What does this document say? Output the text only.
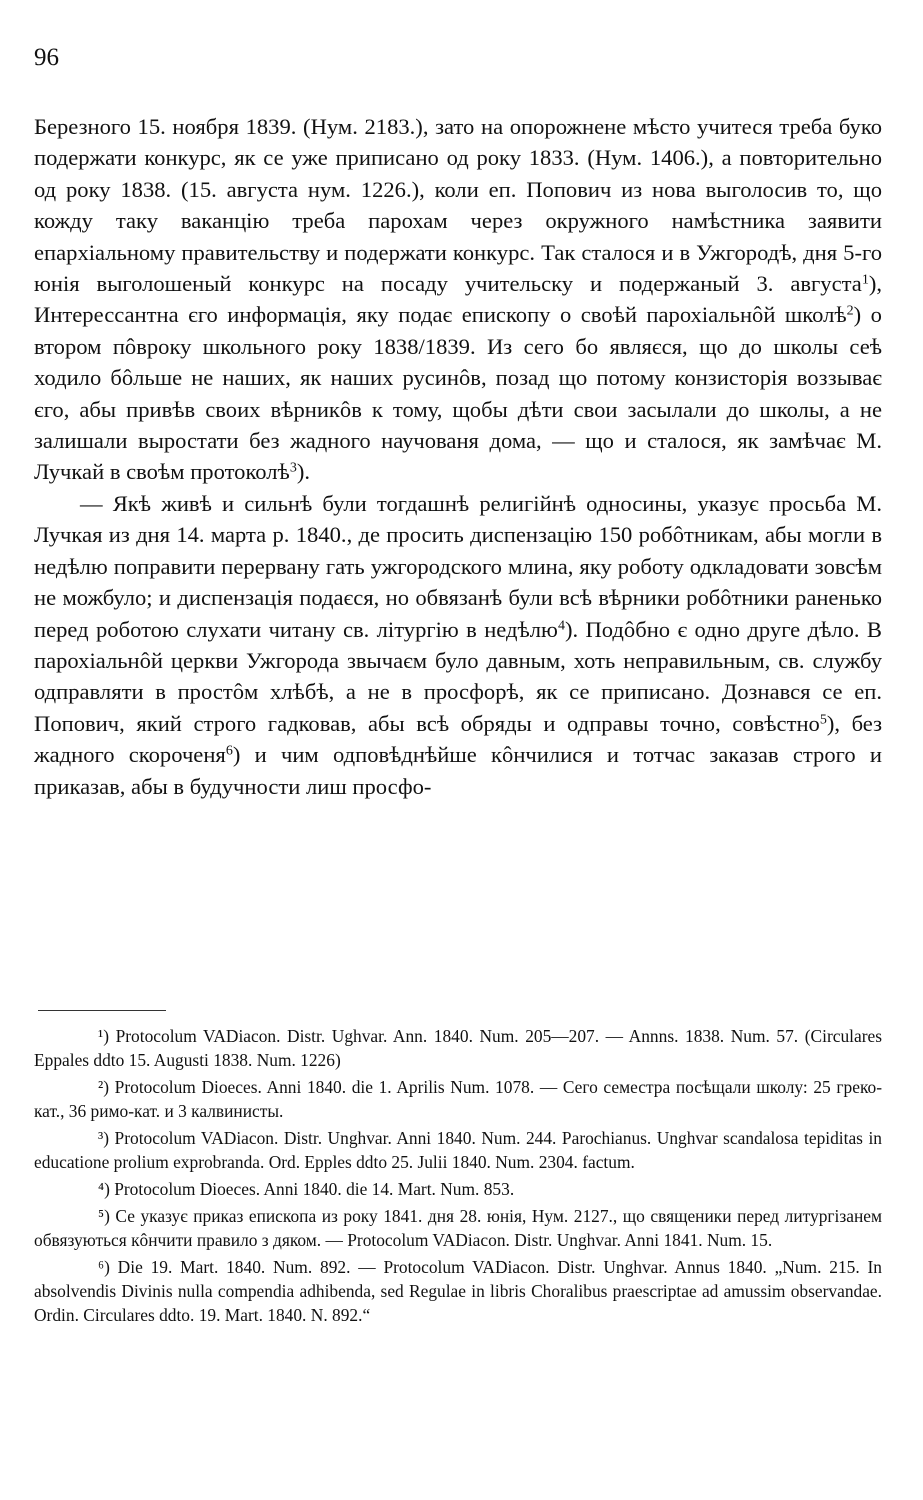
96

Березного 15. ноября 1839. (Нум. 2183.), зато на опорожнене мѣсто учитеся треба буко подержати конкурс, як се уже приписано од року 1833. (Нум. 1406.), а повторительно од року 1838. (15. августа нум. 1226.), коли еп. Попович из нова выголосив то, що кожду таку ваканцію треба парохам через окружного намѣстника заявити епархіальному правительству и подержати конкурс. Так сталося и в Ужгородѣ, дня 5-го юнія выголошеный конкурс на посаду учительску и подержаный 3. августа$^1$), Интерессантна єго информація, яку подає епископу о своѣй парохіальнôй школѣ$^2$) о втором пôвроку школьного року 1838/1839. Из сего бо являєся, що до школы сеѣ ходило бôльше не наших, як наших русинôв, позад що потому конзисторія воззыває єго, абы привѣв своих вѣрникôв к тому, щобы дѣти свои засылали до школы, а не залишали выростати без жадного научованя дома, — що и сталося, як замѣчає М. Лучкай в своѣм протоколѣ$^3$).

— Якѣ живѣ и сильнѣ були тогдашнѣ религійнѣ односины, указує просьба М. Лучкая из дня 14. марта р. 1840., де просить диспензацію 150 робôтникам, абы могли в недѣлю поправити перервану гать ужгородского млина, яку роботу одкладовати зовсѣм не можбуло; и диспензація подаєся, но обвязанѣ були всѣ вѣрники робôтники раненько перед роботою слухати читану св. літургію в недѣлю$^4$). Подôбно є одно друге дѣло. В парохіальнôй церкви Ужгорода звычаєм було давным, хоть неправильным, св. службу одправляти в простôм хлѣбѣ, а не в просфорѣ, як се приписано. Дознався се еп. Попович, який строго гадковав, абы всѣ обряды и одправы точно, совѣстно$^5$), без жадного скороченя$^6$) и чим одповѣднѣйше кôнчилися и тотчас заказав строго и приказав, абы в будучности лиш просфо-

¹) Protocolum VADiacon. Distr. Ughvar. Ann. 1840. Num. 205—207. — Annns. 1838. Num. 57. (Circulares Eppales ddto 15. Augusti 1838. Num. 1226)

²) Protocolum Dioeces. Anni 1840. die 1. Aprilis Num. 1078. — Сего семестра посѣщали школу: 25 греко-кат., 36 римо-кат. и 3 калвинисты.

³) Protocolum VADiacon. Distr. Unghvar. Anni 1840. Num. 244. Parochianus. Unghvar scandalosa tepiditas in educatione prolium exprobranda. Ord. Epples ddto 25. Julii 1840. Num. 2304. factum.

⁴) Protocolum Dioeces. Anni 1840. die 14. Mart. Num. 853.

⁵) Се указує приказ епископа из року 1841. дня 28. юнія, Нум. 2127., що священики перед литургізанем обвязуються кôнчити правило з дяком. — Protocolum VADiacon. Distr. Unghvar. Anni 1841. Num. 15.

⁶) Die 19. Mart. 1840. Num. 892. — Protocolum VADiacon. Distr. Unghvar. Annus 1840. „Num. 215. In absolvendis Divinis nulla compendia adhibenda, sed Regulae in libris Choralibus praescriptae ad amussim observandae. Ordin. Circulares ddto. 19. Mart. 1840. N. 892.“
